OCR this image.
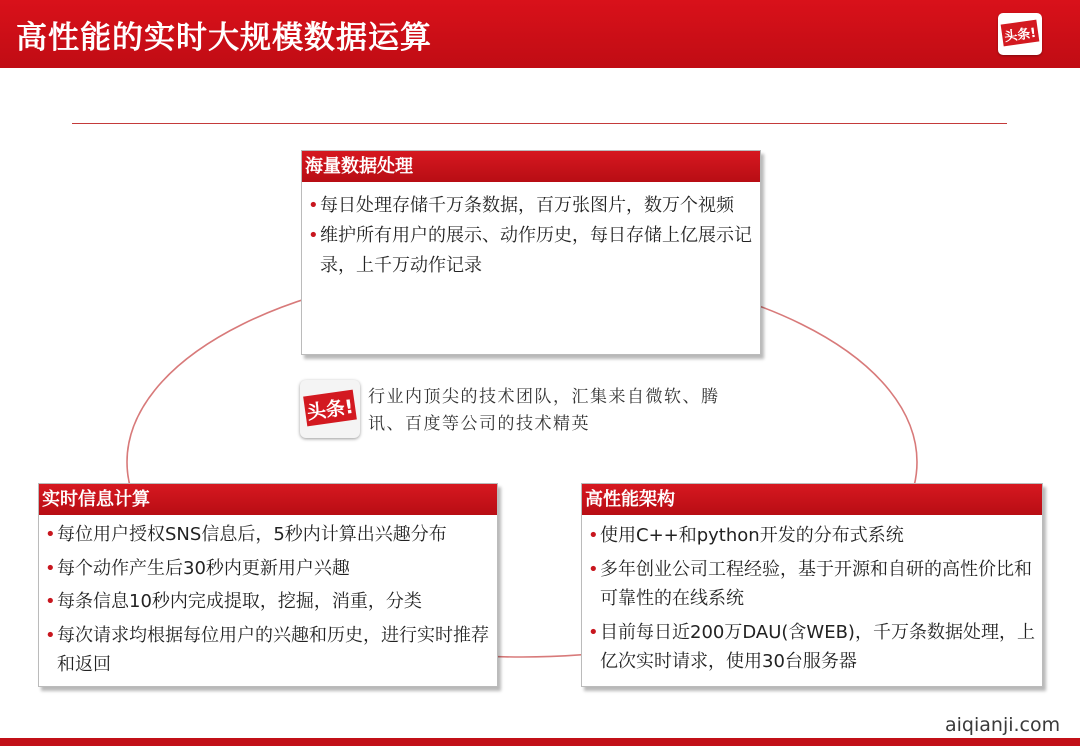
高性能的实时大规模数据运算	头条!
海量数据处理
• 每日处理存储千万条数据，百万张图片，数万个视频
• 维护所有用户的展示、动作历史，每日存储上亿展示记录，上千万动作记录
头条! 行业内顶尖的技术团队，汇集来自微软、腾讯、百度等公司的技术精英
实时信息计算
• 每位用户授权SNS信息后，5秒内计算出兴趣分布
• 每个动作产生后30秒内更新用户兴趣
• 每条信息10秒内完成提取，挖掘，消重，分类
• 每次请求均根据每位用户的兴趣和历史，进行实时推荐和返回
高性能架构
• 使用C++和python开发的分布式系统
• 多年创业公司工程经验，基于开源和自研的高性价比和可靠性的在线系统
• 目前每日近200万DAU(含WEB)，千万条数据处理，上亿次实时请求，使用30台服务器
aiqianji.com
